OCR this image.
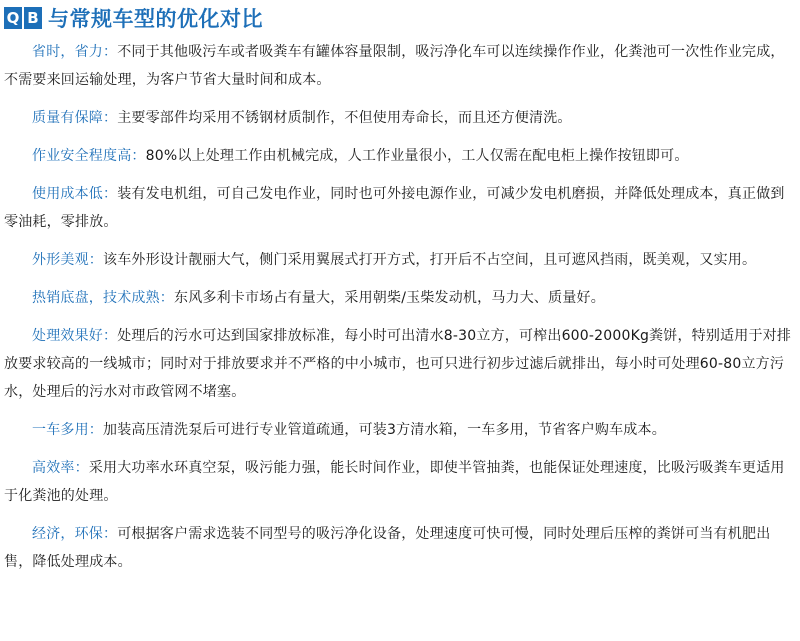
Q B 与常规车型的优化对比

省时，省力：不同于其他吸污车或者吸粪车有罐体容量限制，吸污净化车可以连续操作作业，化粪池可一次性作业完成，不需要来回运输处理，为客户节省大量时间和成本。

质量有保障：主要零部件均采用不锈钢材质制作，不但使用寿命长，而且还方便清洗。

作业安全程度高：80%以上处理工作由机械完成，人工作业量很小，工人仅需在配电柜上操作按钮即可。

使用成本低：装有发电机组，可自己发电作业，同时也可外接电源作业，可减少发电机磨损，并降低处理成本，真正做到零油耗，零排放。

外形美观：该车外形设计靓丽大气，侧门采用翼展式打开方式，打开后不占空间，且可遮风挡雨，既美观，又实用。

热销底盘，技术成熟：东风多利卡市场占有量大，采用朝柴/玉柴发动机，马力大、质量好。

处理效果好：处理后的污水可达到国家排放标准，每小时可出清水8-30立方，可榨出600-2000Kg粪饼，特别适用于对排放要求较高的一线城市；同时对于排放要求并不严格的中小城市，也可只进行初步过滤后就排出，每小时可处理60-80立方污水，处理后的污水对市政管网不堵塞。

一车多用：加装高压清洗泵后可进行专业管道疏通，可装3方清水箱，一车多用，节省客户购车成本。

高效率：采用大功率水环真空泵，吸污能力强，能长时间作业，即使半管抽粪，也能保证处理速度，比吸污吸粪车更适用于化粪池的处理。

经济，环保：可根据客户需求选装不同型号的吸污净化设备，处理速度可快可慢，同时处理后压榨的粪饼可当有机肥出售，降低处理成本。
